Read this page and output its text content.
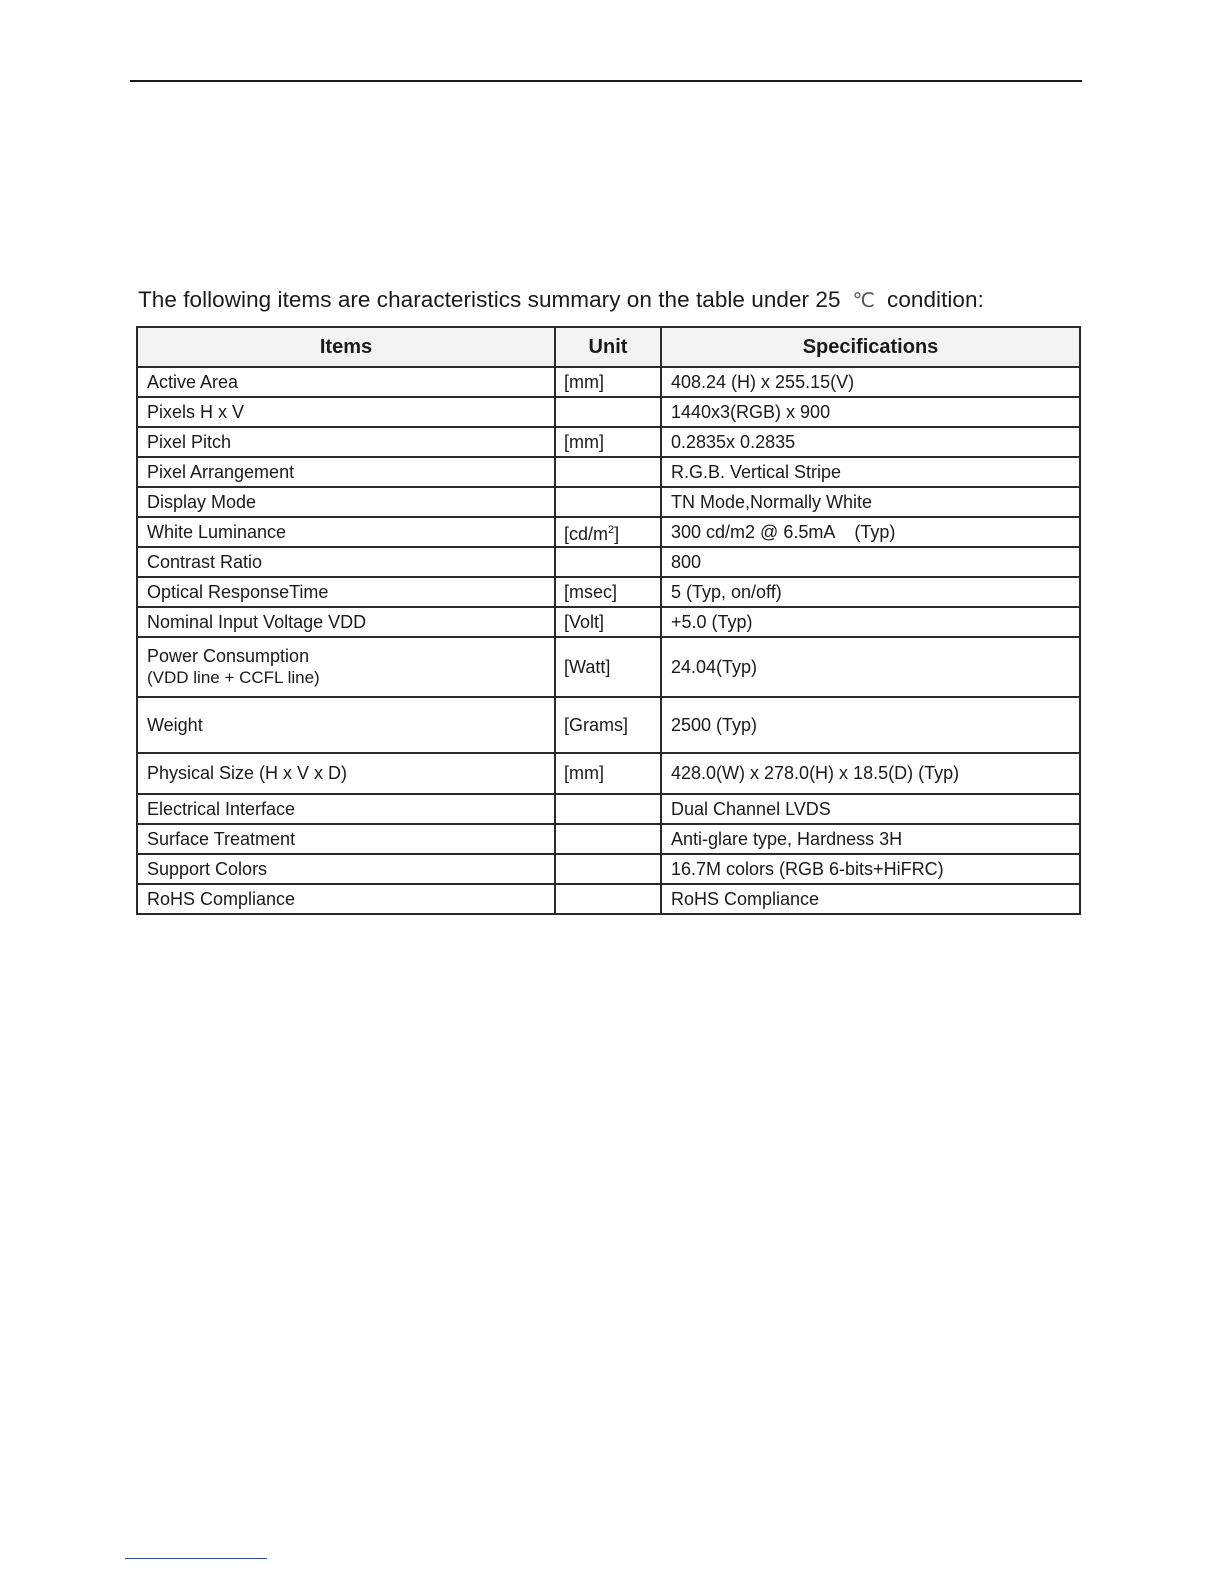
The following items are characteristics summary on the table under 25 ℃ condition:
Items	Unit	Specifications
Active Area	[mm]	408.24 (H) x 255.15(V)
Pixels H x V		1440x3(RGB) x 900
Pixel Pitch	[mm]	0.2835x 0.2835
Pixel Arrangement		R.G.B. Vertical Stripe
Display Mode		TN Mode,Normally White
White Luminance	$[cd/m^2]$	300 cd/m2 @ 6.5mA    (Typ)
Contrast Ratio		800
Optical ResponseTime	[msec]	5 (Typ, on/off)
Nominal Input Voltage VDD	[Volt]	+5.0 (Typ)
Power Consumption
(VDD line + CCFL line)	[Watt]	24.04(Typ)
Weight	[Grams]	2500 (Typ)
Physical Size (H x V x D)	[mm]	428.0(W) x 278.0(H) x 18.5(D) (Typ)
Electrical Interface		Dual Channel LVDS
Surface Treatment		Anti-glare type, Hardness 3H
Support Colors		16.7M colors (RGB 6-bits+HiFRC)
RoHS Compliance		RoHS Compliance
